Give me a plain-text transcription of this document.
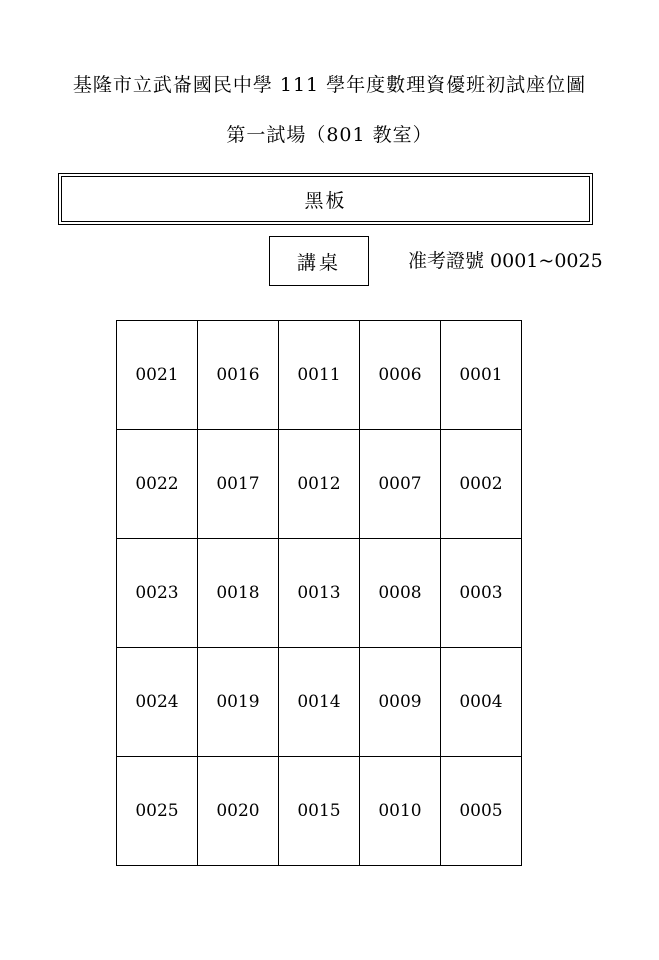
基隆市立武崙國民中學 111 學年度數理資優班初試座位圖
第一試場（801 教室）
黑板
講桌	准考證號 0001~0025
0021	0016	0011	0006	0001
0022	0017	0012	0007	0002
0023	0018	0013	0008	0003
0024	0019	0014	0009	0004
0025	0020	0015	0010	0005
